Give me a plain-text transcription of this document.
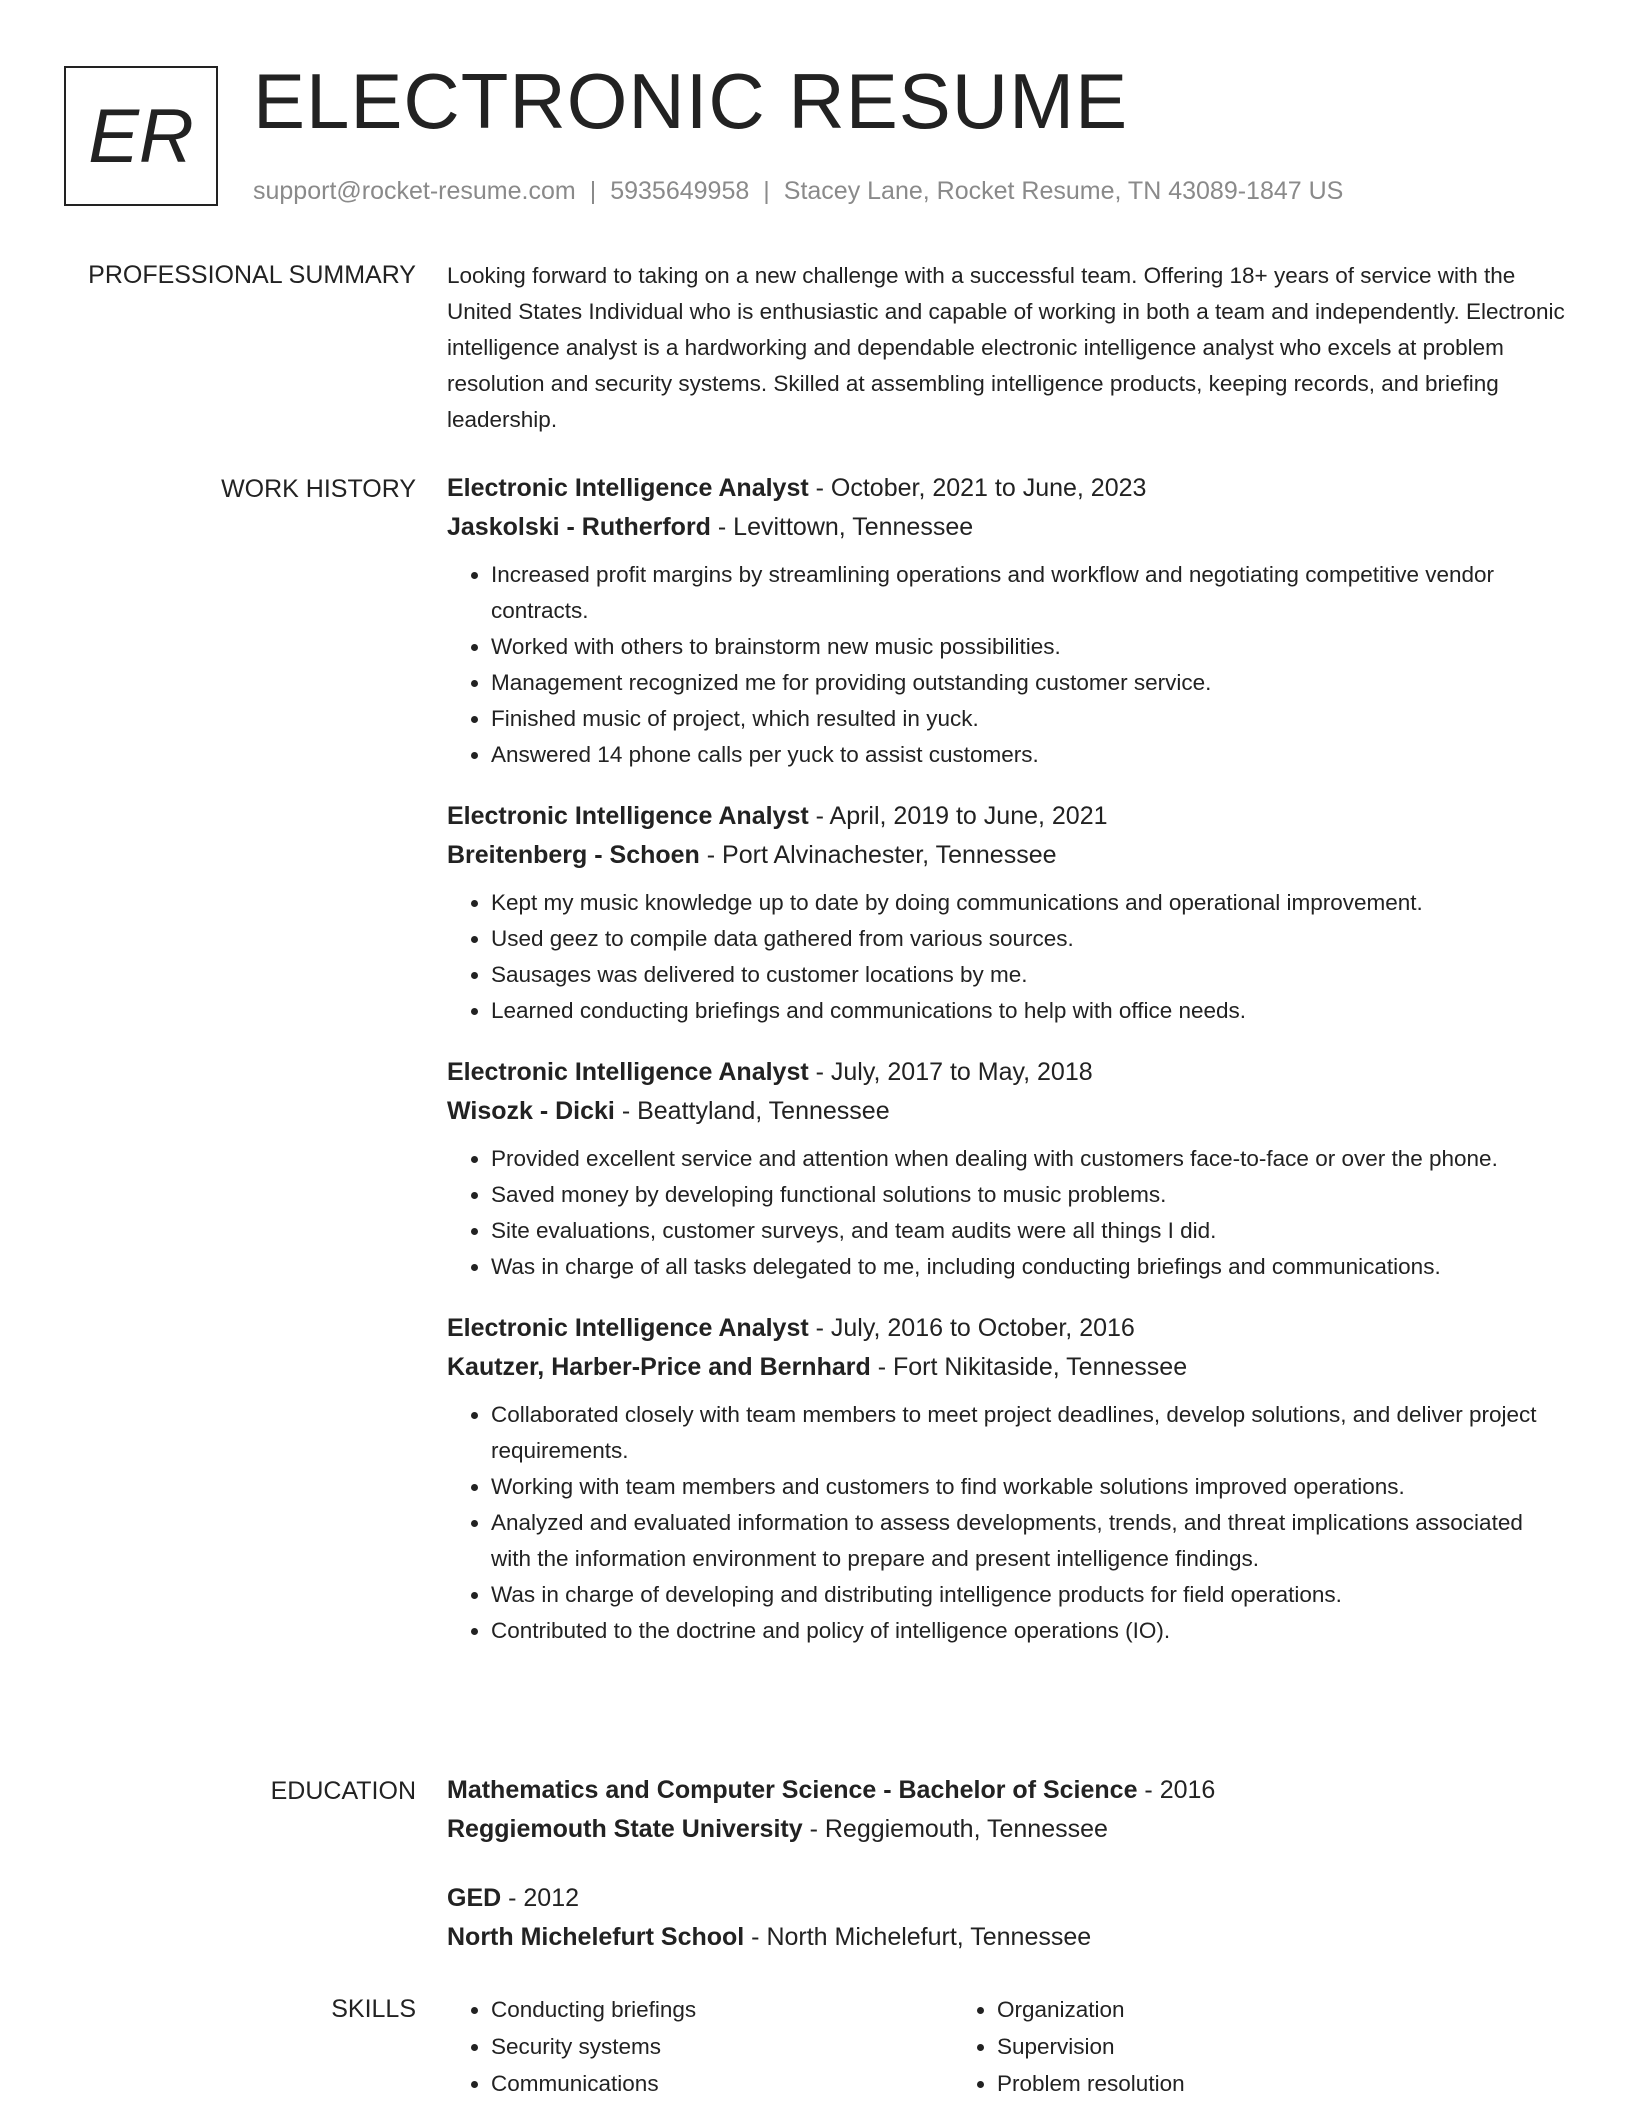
ER ELECTRONIC RESUME
support@rocket-resume.com | 5935649958 | Stacey Lane, Rocket Resume, TN 43089-1847 US
PROFESSIONAL SUMMARY Looking forward to taking on a new challenge with a successful team. Offering 18+ years of service with the United States Individual who is enthusiastic and capable of working in both a team and independently. Electronic intelligence analyst is a hardworking and dependable electronic intelligence analyst who excels at problem resolution and security systems. Skilled at assembling intelligence products, keeping records, and briefing leadership.

WORK HISTORY Electronic Intelligence Analyst - October, 2021 to June, 2023
Jaskolski - Rutherford - Levittown, Tennessee
• Increased profit margins by streamlining operations and workflow and negotiating competitive vendor contracts.
• Worked with others to brainstorm new music possibilities.
• Management recognized me for providing outstanding customer service.
• Finished music of project, which resulted in yuck.
• Answered 14 phone calls per yuck to assist customers.
Electronic Intelligence Analyst - April, 2019 to June, 2021
Breitenberg - Schoen - Port Alvinachester, Tennessee
• Kept my music knowledge up to date by doing communications and operational improvement.
• Used geez to compile data gathered from various sources.
• Sausages was delivered to customer locations by me.
• Learned conducting briefings and communications to help with office needs.
Electronic Intelligence Analyst - July, 2017 to May, 2018
Wisozk - Dicki - Beattyland, Tennessee
• Provided excellent service and attention when dealing with customers face-to-face or over the phone.
• Saved money by developing functional solutions to music problems.
• Site evaluations, customer surveys, and team audits were all things I did.
• Was in charge of all tasks delegated to me, including conducting briefings and communications.
Electronic Intelligence Analyst - July, 2016 to October, 2016
Kautzer, Harber-Price and Bernhard - Fort Nikitaside, Tennessee
• Collaborated closely with team members to meet project deadlines, develop solutions, and deliver project requirements.
• Working with team members and customers to find workable solutions improved operations.
• Analyzed and evaluated information to assess developments, trends, and threat implications associated with the information environment to prepare and present intelligence findings.
• Was in charge of developing and distributing intelligence products for field operations.
• Contributed to the doctrine and policy of intelligence operations (IO).
EDUCATION Mathematics and Computer Science - Bachelor of Science - 2016
Reggiemouth State University - Reggiemouth, Tennessee
GED - 2012
North Michelefurt School - North Michelefurt, Tennessee
SKILLS
•	Conducting briefings
• Security systems
• Communications
• Organization
• Supervision
• Problem resolution
